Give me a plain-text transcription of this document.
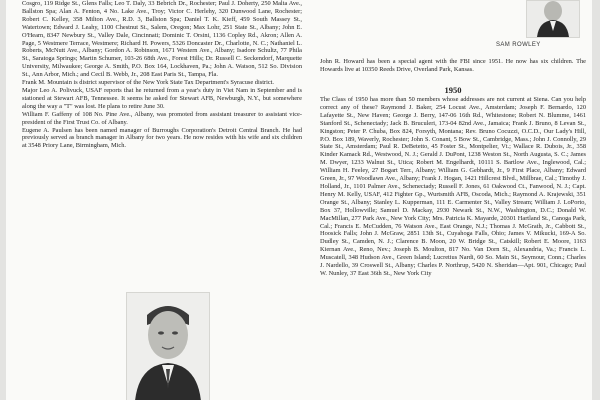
Cosgro, 119 Ridge St., Glens Falls; Leo T. Daly, 33 Bebrich Dr., Rochester; Paul J. Doherty, 250 Malta Ave., Ballston Spa; Alan A. Fenton, 4 No. Lake Ave., Troy; Victor C. Herlehy, 320 Dunwood Lane, Rochester; Robert C. Kelley, 358 Milton Ave., R.D. 3, Ballston Spa; Daniel T. K. Kieff, 459 South Massey St., Watertown; Edward J. Leahy, 1100 Chestnut St., Salem, Oregon; Max Lohr, 251 State St., Albany; John E. O'Hearn, 8347 Newbury St., Valley Dale, Cincinnati; Dominic T. Orsini, 1136 Copley Rd., Akron; Allen A. Page, 5 Westmere Terrace, Westmere; Richard H. Powers, 5326 Doncaster Dr., Charlotte, N. C.; Nathaniel L. Roberts, McNutt Ave., Albany; Gordon A. Robinson, 1671 Western Ave., Albany; Isadore Schultz, 77 Phila St., Saratoga Springs; Martin Schumer, 103-26 68th Ave., Forest Hills; Dr. Russell C. Seckendorf, Marquette University, Milwaukee; George A. Smith, P.O. Box 164, Lockhaven, Pa.; John A. Watson, 512 So. Division St., Ann Arbor, Mich.; and Cecil B. Webb, Jr., 208 East Paris St., Tampa, Fla.

Frank M. Mountain is district supervisor of the New York State Tax Department's Syracuse district.

Major Leo A. Polivuck, USAF reports that he returned from a year's duty in Viet Nam in September and is stationed at Stewart AFB, Tennessee. It seems he asked for Stewart AFB, Newburgh, N.Y., but somewhere along the way a "T" was lost. He plans to retire June 30.

William F. Gaffeny of 108 No. Pine Ave., Albany, was promoted from assistant treasurer to assistant vice-president of the First Trust Co. of Albany.

Eugene A. Paulsen has been named manager of Burroughs Corporation's Detroit Central Branch. He had previously served as branch manager in Albany for two years. He now resides with his wife and six children at 3548 Priory Lane, Birmingham, Mich.

SAM ROWLEY

John R. Howard has been a special agent with the FBI since 1951. He now has six children. The Howards live at 10350 Reeds Drive, Overland Park, Kansas.

1950

The Class of 1950 has more than 50 members whose addresses are not current at Siena. Can you help correct any of these? Raymond J. Baker, 254 Locust Ave., Amsterdam; Joseph F. Bernardo, 120 Lafayette St., New Haven; George J. Berry, 147-06 16th Rd., Whitestone; Robert N. Blumme, 1461 Stanford St., Schenectady; Jack B. Bruculeri, 173-04 82nd Ave., Jamaica; Frank J. Bruno, 8 Levan St., Kingston; Peter P. Chuba, Box 824, Forsyth, Montana; Rev. Bruno Cocuzzi, O.C.D., Our Lady's Hill, P.O. Box 189, Waverly, Rochester; John S. Conant, 5 Bow St., Cambridge, Mass.; John J. Connolly, 29 State St., Amsterdam; Paul R. DeBetetto, 45 Foster St., Montpelier, Vt.; Wallace R. Dubois, Jr., 358 Kinder Kamack Rd., Westwood, N. J.; Gerald J. DuPont, 1238 Weston St., North Augusta, S. C.; James M. Dwyer, 1233 Walnut St., Utica; Robert M. Engelhardt, 10111 S. Bartlow Ave., Inglewood, Cal.; William H. Feeley, 27 Bogart Terr., Albany; William G. Gebhardt, Jr., 9 First Place, Albany; Edward Green, Jr., 97 Woodlawn Ave., Albany; Frank J. Hogan, 1421 Hillcrest Blvd., Millbrae, Cal.; Timothy J. Holland, Jr., 1101 Palmer Ave., Schenectady; Russell F. Jones, 61 Oakwood Ct., Fanwood, N. J.; Capt. Henry M. Kelly, USAF, 412 Fighter Gp., Wurtsmith AFB, Oscoda, Mich.; Raymond A. Krajewski, 351 Orange St., Albany; Stanley L. Kupperman, 111 E. Carmenter St., Valley Stream; William J. LoPorto, Box 37, Hollowville; Samuel D. Mackay, 2930 Newark St., N.W., Washington, D.C.; Donald W. MacMillan, 277 Park Ave., New York City; Mrs. Patricia K. Mayarde, 20301 Hartland St., Canoga Park, Cal.; Francis E. McCudden, 76 Watson Ave., East Orange, N.J.; Thomas J. McGrath, Jr., Cabbott St., Hoosick Falls; John J. McGraw, 2851 13th St., Cuyahoga Falls, Ohio; James V. Mikucki, 169-A So. Dudley St., Camden, N. J.; Clarence B. Moon, 20 W. Bridge St., Catskill; Robert E. Moore, 1163 Kiernan Ave., Reno, Nev.; Joseph B. Moulton, 817 No. Van Dorn St., Alexandria, Va.; Francis L. Muscatell, 348 Hudson Ave., Green Island; Lucretius Nardi, 60 So. Main St., Seymour, Conn.; Charles J. Nardello, 39 Croswell St., Albany; Charles P. Northrup, 5420 N. Sheridan—Apt. 901, Chicago; Paul W. Nunley, 37 East 36th St., New York City
